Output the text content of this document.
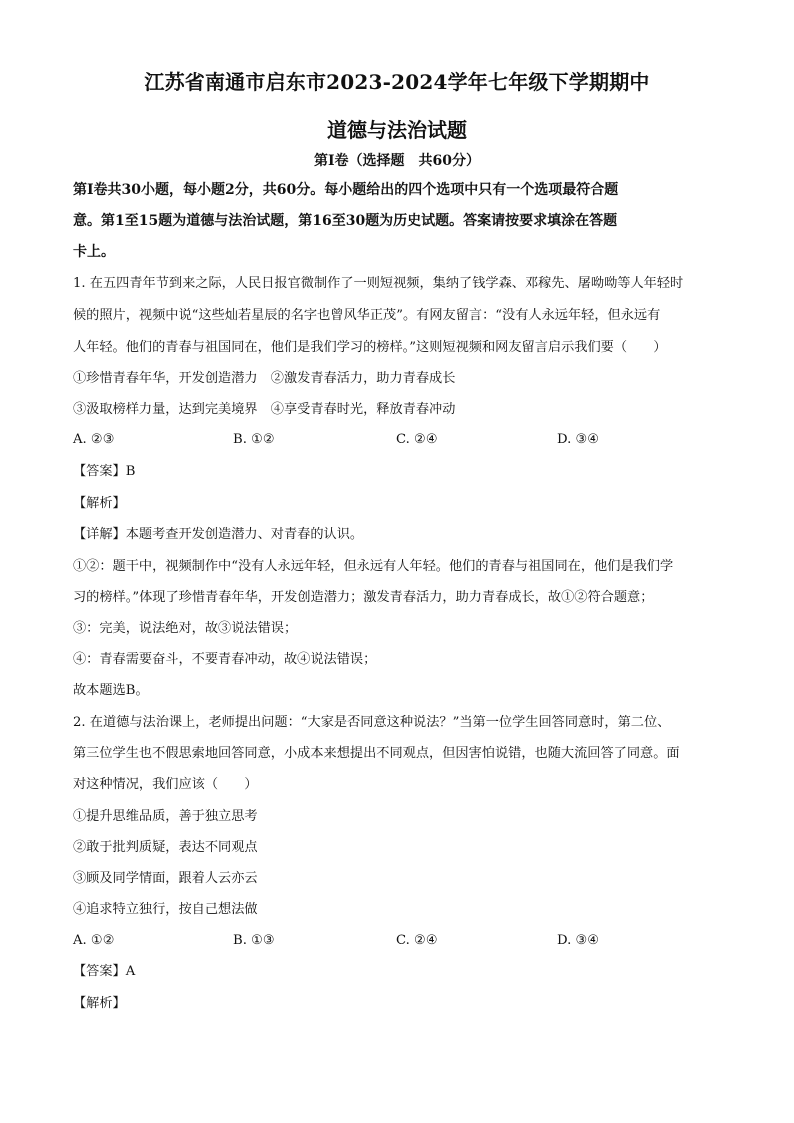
江苏省南通市启东市2023-2024学年七年级下学期期中
道德与法治试题
第Ⅰ卷（选择题　共60分）
第Ⅰ卷共30小题，每小题2分，共60分。每小题给出的四个选项中只有一个选项最符合题
意。第1至15题为道德与法治试题，第16至30题为历史试题。答案请按要求填涂在答题
卡上。
1. 在五四青年节到来之际，人民日报官微制作了一则短视频，集纳了钱学森、邓稼先、屠呦呦等人年轻时
候的照片，视频中说“这些灿若星辰的名字也曾风华正茂”。有网友留言：“没有人永远年轻，但永远有
人年轻。他们的青春与祖国同在，他们是我们学习的榜样。”这则短视频和网友留言启示我们要（　　）
①珍惜青春年华，开发创造潜力　②激发青春活力，助力青春成长
③汲取榜样力量，达到完美境界　④享受青春时光，释放青春冲动
A. ②③	B. ①②	C. ②④	D. ③④
【答案】B
【解析】
【详解】本题考查开发创造潜力、对青春的认识。
①②：题干中，视频制作中“没有人永远年轻，但永远有人年轻。他们的青春与祖国同在，他们是我们学
习的榜样。”体现了珍惜青春年华，开发创造潜力；激发青春活力，助力青春成长，故①②符合题意；
③：完美，说法绝对，故③说法错误；
④：青春需要奋斗，不要青春冲动，故④说法错误；
故本题选B。
2. 在道德与法治课上，老师提出问题：“大家是否同意这种说法？”当第一位学生回答同意时，第二位、
第三位学生也不假思索地回答同意，小成本来想提出不同观点，但因害怕说错，也随大流回答了同意。面
对这种情况，我们应该（　　）
①提升思维品质，善于独立思考
②敢于批判质疑，表达不同观点
③顾及同学情面，跟着人云亦云
④追求特立独行，按自己想法做
A. ①②	B. ①③	C. ②④	D. ③④
【答案】A
【解析】
